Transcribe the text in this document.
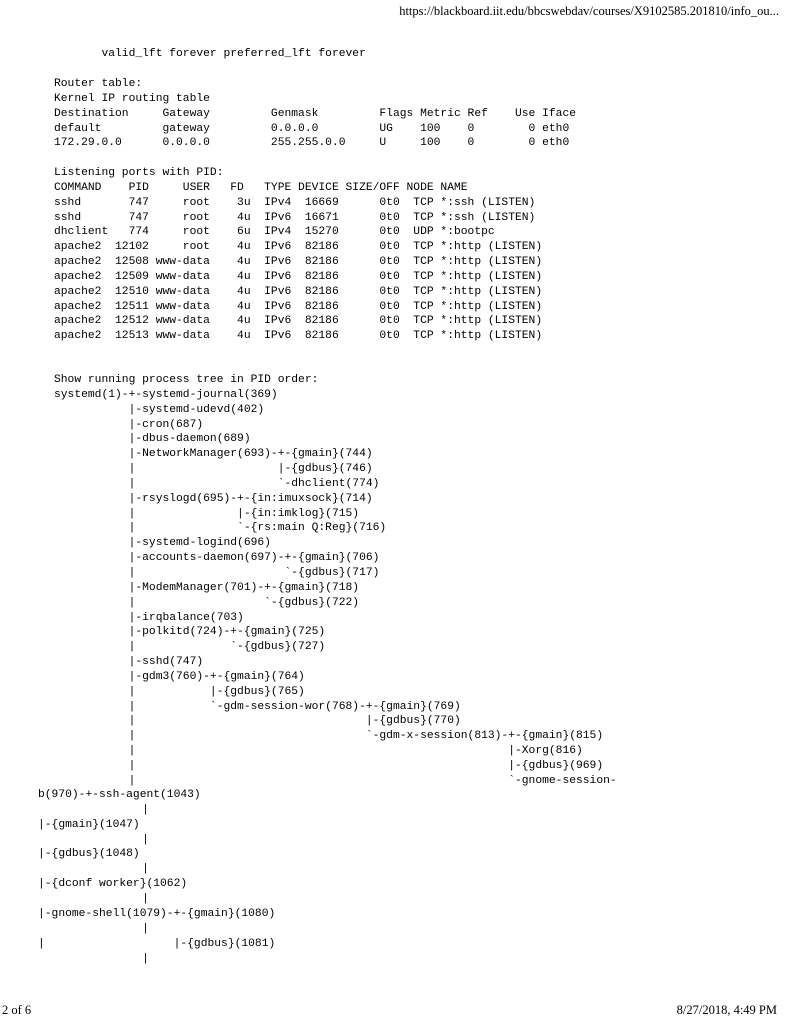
https://blackboard.iit.edu/bbcswebdav/courses/X9102585.201810/info_ou...
valid_lft forever preferred_lft forever
Router table:
Kernel IP routing table
Destination     Gateway         Genmask         Flags Metric Ref    Use Iface
default         gateway         0.0.0.0         UG    100    0        0 eth0
172.29.0.0      0.0.0.0         255.255.0.0     U     100    0        0 eth0
Listening ports with PID:
COMMAND    PID     USER   FD   TYPE DEVICE SIZE/OFF NODE NAME
sshd       747     root    3u  IPv4  16669      0t0  TCP *:ssh (LISTEN)
sshd       747     root    4u  IPv6  16671      0t0  TCP *:ssh (LISTEN)
dhclient   774     root    6u  IPv4  15270      0t0  UDP *:bootpc
apache2  12102     root    4u  IPv6  82186      0t0  TCP *:http (LISTEN)
apache2  12508 www-data    4u  IPv6  82186      0t0  TCP *:http (LISTEN)
apache2  12509 www-data    4u  IPv6  82186      0t0  TCP *:http (LISTEN)
apache2  12510 www-data    4u  IPv6  82186      0t0  TCP *:http (LISTEN)
apache2  12511 www-data    4u  IPv6  82186      0t0  TCP *:http (LISTEN)
apache2  12512 www-data    4u  IPv6  82186      0t0  TCP *:http (LISTEN)
apache2  12513 www-data    4u  IPv6  82186      0t0  TCP *:http (LISTEN)
Show running process tree in PID order:
systemd(1)-+-systemd-journal(369)
|-systemd-udevd(402)
|-cron(687)
|-dbus-daemon(689)
|-NetworkManager(693)-+-{gmain}(744)
|                     |-{gdbus}(746)
|                     `-dhclient(774)
|-rsyslogd(695)-+-{in:imuxsock}(714)
|               |-{in:imklog}(715)
|               `-{rs:main Q:Reg}(716)
|-systemd-logind(696)
|-accounts-daemon(697)-+-{gmain}(706)
|                      `-{gdbus}(717)
|-ModemManager(701)-+-{gmain}(718)
|                   `-{gdbus}(722)
|-irqbalance(703)
|-polkitd(724)-+-{gmain}(725)
|              `-{gdbus}(727)
|-sshd(747)
|-gdm3(760)-+-{gmain}(764)
|           |-{gdbus}(765)
|           `-gdm-session-wor(768)-+-{gmain}(769)
|                                  |-{gdbus}(770)
|                                  `-gdm-x-session(813)-+-{gmain}(815)
|                                                       |-Xorg(816)
|                                                       |-{gdbus}(969)
|                                                       `-gnome-session-
b(970)-+-ssh-agent(1043)
|
|-{gmain}(1047)
|
|-{gdbus}(1048)
|
|-{dconf worker}(1062)
|
|-gnome-shell(1079)-+-{gmain}(1080)
|
|                   |-{gdbus}(1081)
|
2 of 6	8/27/2018, 4:49 PM
